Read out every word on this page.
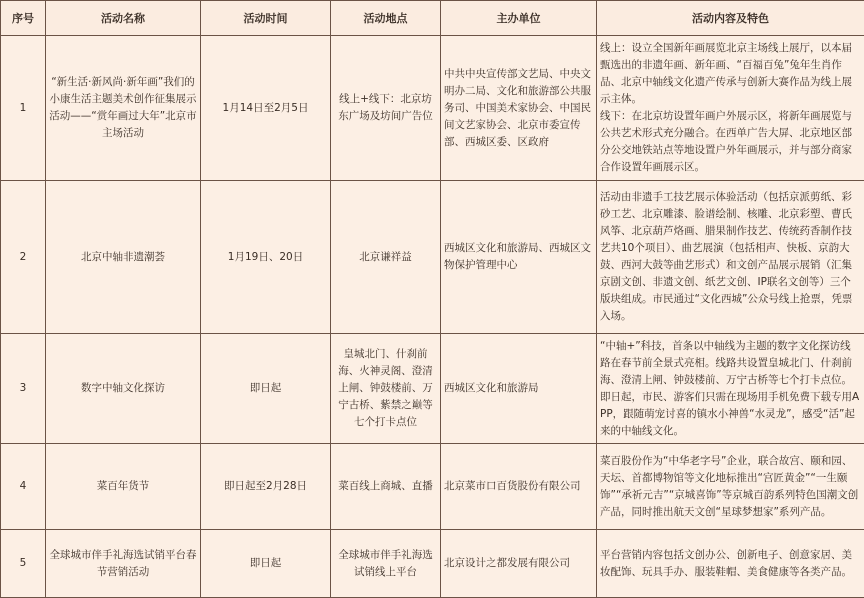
序号	活动名称	活动时间	活动地点	主办单位	活动内容及特色
1	“新生活·新风尚·新年画”我们的小康生活主题美术创作征集展示活动——“赏年画过大年”北京市主场活动	1月14日至2月5日	线上+线下：北京坊东广场及坊间广告位	中共中央宣传部文艺局、中央文明办二局、文化和旅游部公共服务司、中国美术家协会、中国民间文艺家协会、北京市委宣传部、西城区委、区政府	线上：设立全国新年画展览北京主场线上展厅，以本届甄选出的非遗年画、新年画、“百福百兔”兔年生肖作品、北京中轴线文化遗产传承与创新大赛作品为线上展示主体。
线下：在北京坊设置年画户外展示区，将新年画展览与公共艺术形式充分融合。在西单广告大屏、北京地区部分公交地铁站点等地设置户外年画展示，并与部分商家合作设置年画展示区。

2	北京中轴非遗潮荟	1月19日、20日	北京谦祥益	西城区文化和旅游局、西城区文物保护管理中心	活动由非遗手工技艺展示体验活动（包括京派剪纸、彩砂工艺、北京雕漆、脸谱绘制、核雕、北京彩塑、曹氏风筝、北京葫芦烙画、腊果制作技艺、传统药香制作技艺共10个项目）、曲艺展演（包括相声、快板、京韵大鼓、西河大鼓等曲艺形式）和文创产品展示展销（汇集京剧文创、非遗文创、纸艺文创、IP联名文创等）三个版块组成。市民通过“文化西城”公众号线上抢票，凭票入场。
3	数字中轴文化探访	即日起	皇城北门、什刹前海、火神灵阁、澄清上闸、钟鼓楼前、万宁古桥、紫禁之巅等七个打卡点位	西城区文化和旅游局	“中轴+”科技，首条以中轴线为主题的数字文化探访线路在春节前全景式亮相。线路共设置皇城北门、什刹前海、澄清上闸、钟鼓楼前、万宁古桥等七个打卡点位。即日起，市民、游客们只需在现场用手机免费下载专用APP，跟随萌宠讨喜的镇水小神兽“水灵龙”，感受“活”起来的中轴线文化。
4	菜百年货节	即日起至2月28日	菜百线上商城、直播	北京菜市口百货股份有限公司	菜百股份作为“中华老字号”企业，联合故宫、颐和园、天坛、首都博物馆等文化地标推出“宫匠黄金”“一生颐饰”“承祈元吉”“京城喜饰”等京城百韵系列特色国潮文创产品，同时推出航天文创“星球梦想家”系列产品。
5	全球城市伴手礼海选试销平台春节营销活动	即日起	全球城市伴手礼海选试销线上平台	北京设计之都发展有限公司	平台营销内容包括文创办公、创新电子、创意家居、美妆配饰、玩具手办、服装鞋帽、美食健康等各类产品。
